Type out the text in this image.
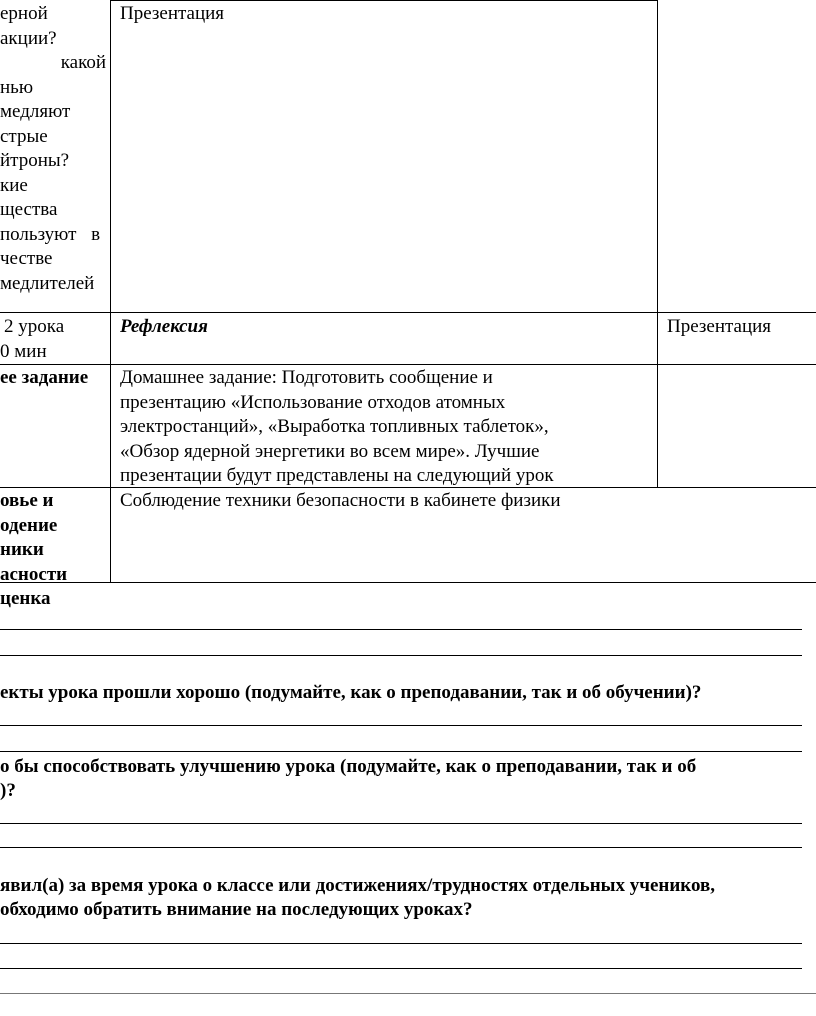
ерной
акции?
какой
нью
медляют
стрые
йтроны?
кие
щества
пользуют в
честве
медлителей
Презентация
2 урока
0 мин
Рефлексия	Презентация
ее задание Домашнее задание: Подготовить сообщение и
презентацию «Использование отходов атомных
электростанций», «Выработка топливных таблеток»,
«Обзор ядерной энергетики во всем мире». Лучшие
презентации будут представлены на следующий урок
овье и
одение
ники
асности
Соблюдение техники безопасности в кабинете физики
ценка
екты урока прошли хорошо (подумайте, как о преподавании, так и об обучении)?
о бы способствовать улучшению урока (подумайте, как о преподавании, так и об
)?
явил(а) за время урока о классе или достижениях/трудностях отдельных учеников,
обходимо обратить внимание на последующих уроках?
